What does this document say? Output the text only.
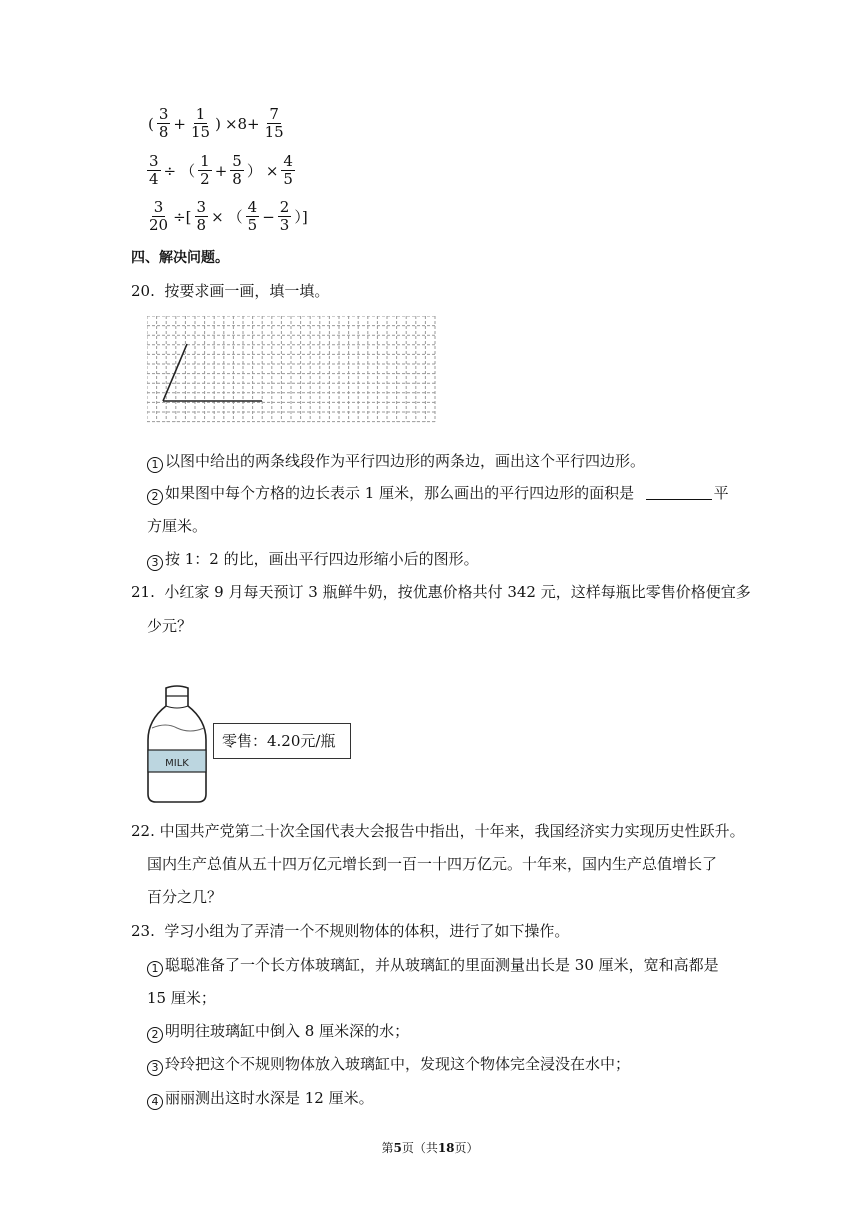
( $\frac{3}{8} + \frac{1}{15}$ ) $\times 8+ \frac{7}{15}$
$\frac{3}{4}$ ÷ （ $\frac{1}{2} + \frac{5}{8}$ ） × $\frac{4}{5}$
$\frac{3}{20}$ ÷[ $\frac{3}{8}$ × （ $\frac{4}{5} - \frac{2}{3}$ ）]
四、解决问题。
20. 按要求画一画，填一填。
1 以图中给出的两条线段作为平行四边形的两条边，画出这个平行四边形。
2 如果图中每个方格的边长表示 1 厘米，那么画出的平行四边形的面积是	平
方厘米。
3 按 1：2 的比，画出平行四边形缩小后的图形。
21. 小红家 9 月每天预订 3 瓶鲜牛奶，按优惠价格共付 342 元，这样每瓶比零售价格便宜多
少元？
MILK
零售：4.20元/瓶
22. 中国共产党第二十次全国代表大会报告中指出，十年来，我国经济实力实现历史性跃升。
国内生产总值从五十四万亿元增长到一百一十四万亿元。十年来，国内生产总值增长了
百分之几？
23. 学习小组为了弄清一个不规则物体的体积，进行了如下操作。
1 聪聪准备了一个长方体玻璃缸，并从玻璃缸的里面测量出长是 30 厘米，宽和高都是
15 厘米；
2 明明往玻璃缸中倒入 8 厘米深的水；
3 玲玲把这个不规则物体放入玻璃缸中，发现这个物体完全浸没在水中；
4 丽丽测出这时水深是 12 厘米。
第5页（共18页）
